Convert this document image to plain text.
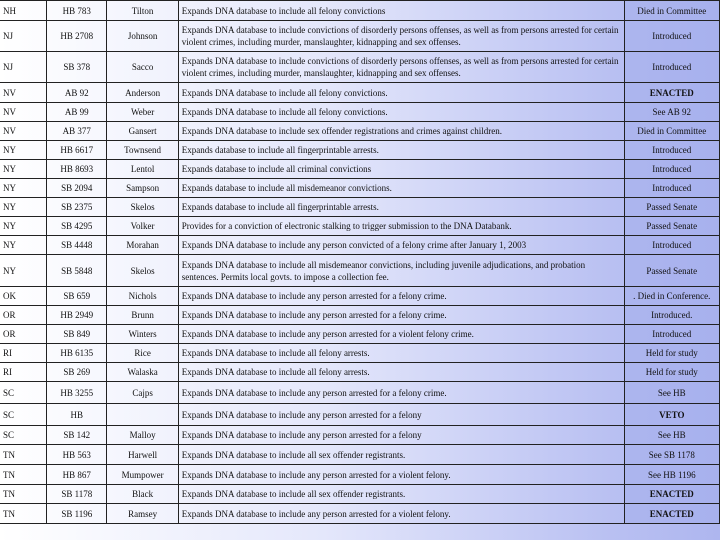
NH	HB 783	Tilton	Expands DNA database to include all felony convictions	Died in Committee
NJ	HB 2708	Johnson	Expands DNA database to include convictions of disorderly persons offenses, as well as from persons arrested for certain violent crimes, including murder, manslaughter, kidnapping and sex offenses.	Introduced
NJ	SB 378	Sacco	Expands DNA database to include convictions of disorderly persons offenses, as well as from persons arrested for certain violent crimes, including murder, manslaughter, kidnapping and sex offenses.	Introduced
NV	AB 92	Anderson	Expands DNA database to include all felony convictions.	ENACTED
NV	AB 99	Weber	Expands DNA database to include all felony convictions.	See AB 92
NV	AB 377	Gansert	Expands DNA database to include sex offender registrations and crimes against children.	Died in Committee
NY	HB 6617	Townsend	Expands database to include all fingerprintable arrests.	Introduced
NY	HB 8693	Lentol	Expands database to include all criminal convictions	Introduced
NY	SB 2094	Sampson	Expands database to include all misdemeanor convictions.	Introduced
NY	SB 2375	Skelos	Expands database to include all fingerprintable arrests.	Passed Senate
NY	SB 4295	Volker	Provides for a conviction of electronic stalking to trigger submission to the DNA Databank.	Passed Senate
NY	SB 4448	Morahan	Expands DNA database to include any person convicted of a felony crime after January 1, 2003	Introduced
NY	SB 5848	Skelos	Expands DNA database to include all misdemeanor convictions, including juvenile adjudications, and probation sentences. Permits local govts. to impose a collection fee.	Passed Senate
OK	SB 659	Nichols	Expands DNA database to include any person arrested for a felony crime.	. Died in Conference.
OR	HB 2949	Brunn	Expands DNA database to include any person arrested for a felony crime.	Introduced.
OR	SB 849	Winters	Expands DNA database to include any person arrested for a violent felony crime.	Introduced
RI	HB 6135	Rice	Expands DNA database to include all felony arrests.	Held for study
RI	SB 269	Walaska	Expands DNA database to include all felony arrests.	Held for study
SC	HB 3255	Cajps	Expands DNA database to include any person arrested for a felony crime.	See HB
SC	HB		Expands DNA database to include any person arrested for a felony	VETO
SC	SB 142	Malloy	Expands DNA database to include any person arrested for a felony	See HB
TN	HB 563	Harwell	Expands DNA database to include all sex offender registrants.	See SB 1178
TN	HB 867	Mumpower	Expands DNA database to include any person arrested for a violent felony.	See HB 1196
TN	SB 1178	Black	Expands DNA database to include all sex offender registrants.	ENACTED
TN	SB 1196	Ramsey	Expands DNA database to include any person arrested for a violent felony.	ENACTED
